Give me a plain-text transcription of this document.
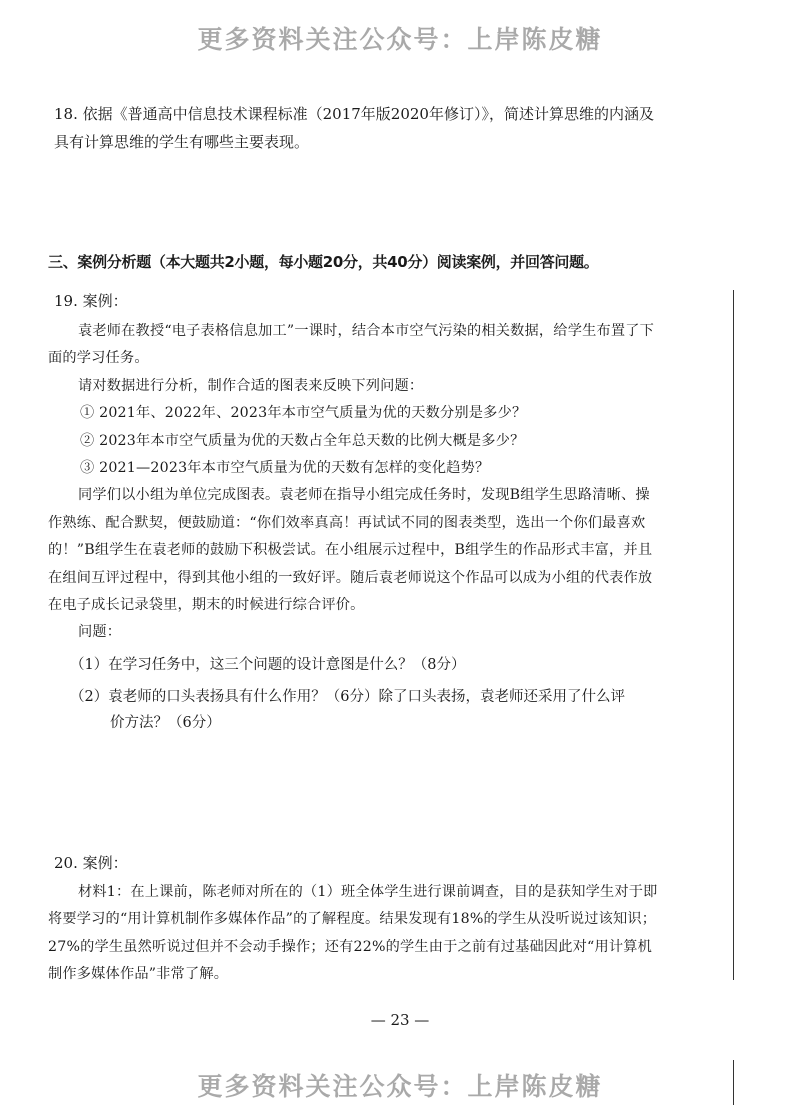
更多资料关注公众号：上岸陈皮糖

18. 依据《普通高中信息技术课程标准（2017年版2020年修订）》，简述计算思维的内涵及具有计算思维的学生有哪些主要表现。

三、案例分析题（本大题共2小题，每小题20分，共40分）阅读案例，并回答问题。

19. 案例：

袁老师在教授“电子表格信息加工”一课时，结合本市空气污染的相关数据，给学生布置了下面的学习任务。

请对数据进行分析，制作合适的图表来反映下列问题：

① 2021年、2022年、2023年本市空气质量为优的天数分别是多少？

② 2023年本市空气质量为优的天数占全年总天数的比例大概是多少？

③ 2021—2023年本市空气质量为优的天数有怎样的变化趋势？

同学们以小组为单位完成图表。袁老师在指导小组完成任务时，发现B组学生思路清晰、操作熟练、配合默契，便鼓励道：“你们效率真高！再试试不同的图表类型，选出一个你们最喜欢的！”B组学生在袁老师的鼓励下积极尝试。在小组展示过程中，B组学生的作品形式丰富，并且在组间互评过程中，得到其他小组的一致好评。随后袁老师说这个作品可以成为小组的代表作放在电子成长记录袋里，期末的时候进行综合评价。

问题：

（1）在学习任务中，这三个问题的设计意图是什么？（8分）

（2）袁老师的口头表扬具有什么作用？（6分）除了口头表扬，袁老师还采用了什么评

价方法？（6分）

20. 案例：

材料1：在上课前，陈老师对所在的（1）班全体学生进行课前调查，目的是获知学生对于即将要学习的“用计算机制作多媒体作品”的了解程度。结果发现有18%的学生从没听说过该知识；27%的学生虽然听说过但并不会动手操作；还有22%的学生由于之前有过基础因此对“用计算机制作多媒体作品”非常了解。

— 23 —
更多资料关注公众号：上岸陈皮糖
